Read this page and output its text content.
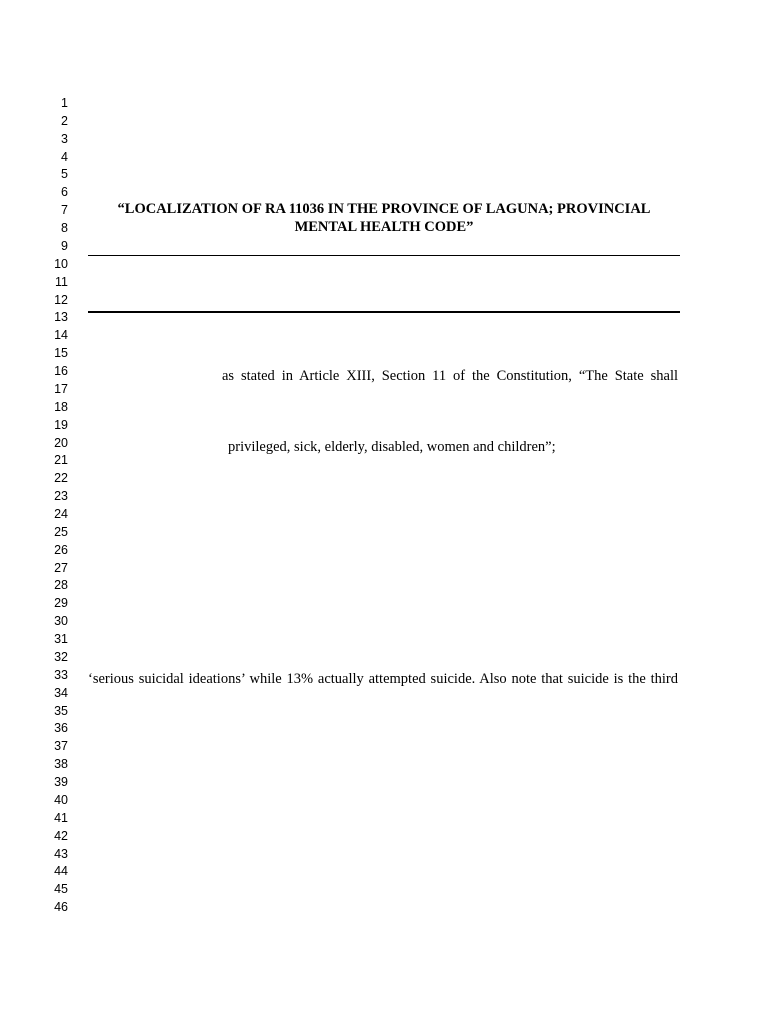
1
2
3
4
5
6
7
8
9
10
11
12
13
14
15
16
17
18
19
20
21
22
23
24
25
26
27
28
29
30
31
32
33
34
35
36
37
38
39
40
41
42
43
44
45
46
“LOCALIZATION OF RA 11036 IN THE PROVINCE OF LAGUNA; PROVINCIAL
MENTAL HEALTH CODE”
as stated in Article XIII, Section 11 of the Constitution, “The State shall
privileged, sick, elderly, disabled, women and children”;
‘serious suicidal ideations’ while 13% actually attempted suicide. Also note that suicide is the third
